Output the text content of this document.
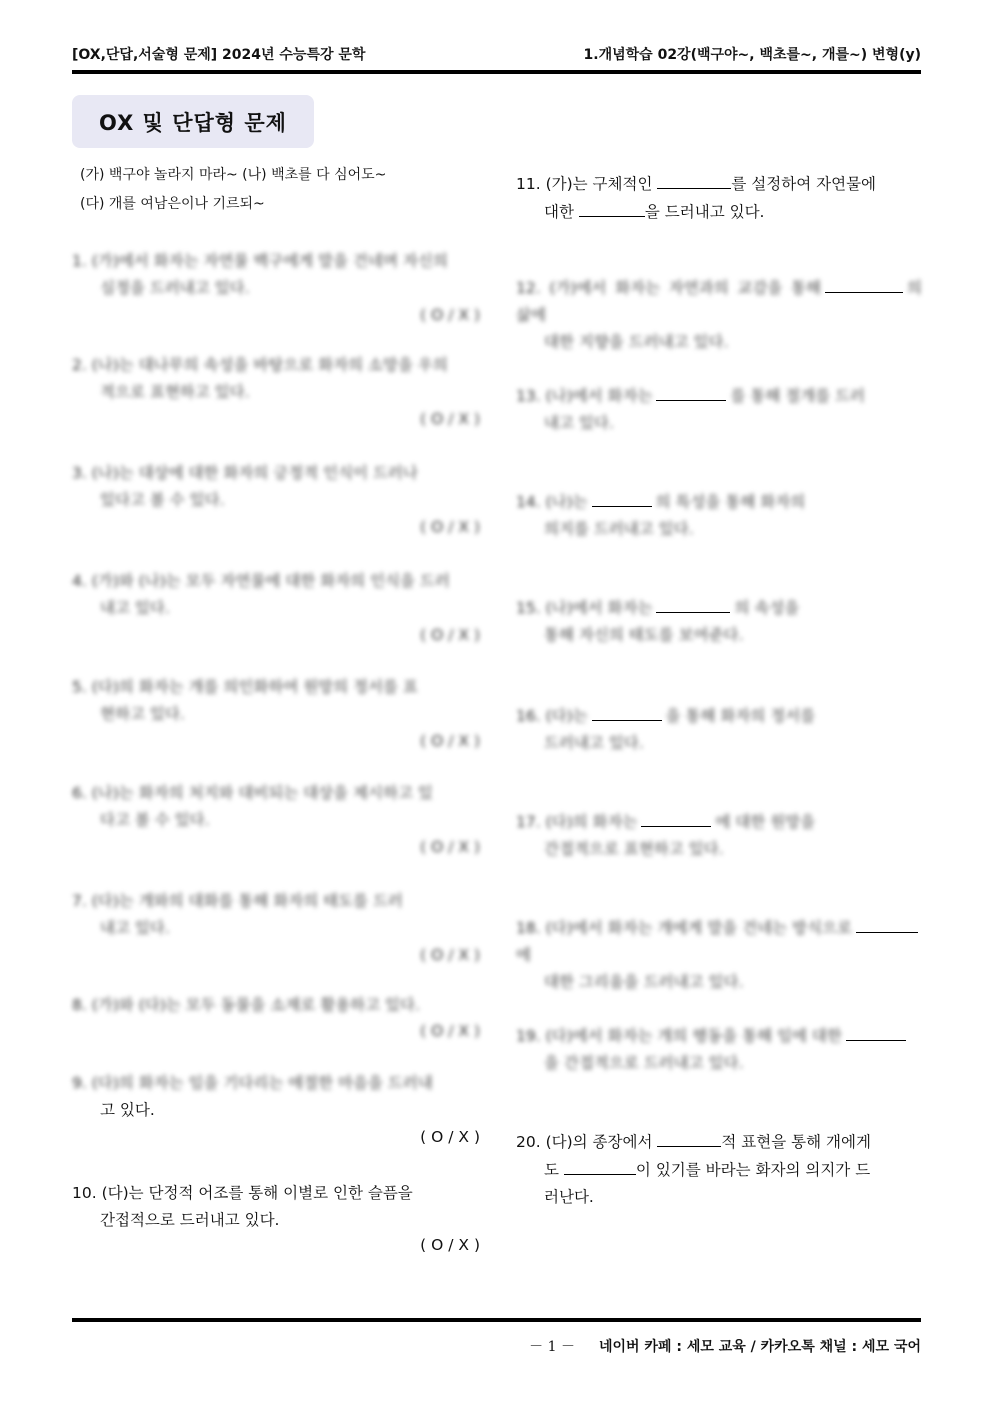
[OX,단답,서술형 문제] 2024년 수능특강 문학	1.개념학습 02강(백구야~, 백초를~, 개를~) 변형(y)
OX 및 단답형 문제
(가) 백구야 놀라지 마라~ (나) 백초를 다 심어도~
(다) 개를 여남은이나 기르되~
1. (가)에서 화자는 자연물 백구에게 말을 건네며 자신의
심정을 드러내고 있다.
( O / X )
2. (나)는 대나무의 속성을 바탕으로 화자의 소망을 우의
적으로 표현하고 있다.
( O / X )
3. (나)는 대상에 대한 화자의 긍정적 인식이 드러나
있다고 볼 수 있다.
( O / X )
4. (가)와 (나)는 모두 자연물에 대한 화자의 인식을 드러
내고 있다.
( O / X )
5. (다)의 화자는 개를 의인화하여 원망의 정서를 표
현하고 있다.
( O / X )
6. (나)는 화자의 처지와 대비되는 대상을 제시하고 있
다고 볼 수 있다.
( O / X )
7. (다)는 개와의 대화를 통해 화자의 태도를 드러
내고 있다.
( O / X )
8. (가)와 (다)는 모두 동물을 소재로 활용하고 있다.
( O / X )
9. (다)의 화자는 임을 기다리는 애절한 마음을 드러내
고 있다.
( O / X )
10. (다)는 단정적 어조를 통해 이별로 인한 슬픔을
간접적으로 드러내고 있다.
( O / X )
11. (가)는 구체적인	를 설정하여 자연물에
대한	을 드러내고 있다.
12. (가)에서 화자는 자연과의 교감을 통해	의 삶에
대한 지향을 드러내고 있다.
13. (나)에서 화자는	를 통해 절개를 드러
내고 있다.
14. (나)는	의 특성을 통해 화자의
의지를 드러내고 있다.
15. (나)에서 화자는	의 속성을
통해 자신의 태도를 보여준다.
16. (다)는	을 통해 화자의 정서를
드러내고 있다.
17. (다)의 화자는	에 대한 원망을
간접적으로 표현하고 있다.
18. (다)에서 화자는 개에게 말을 건네는 방식으로에
대한 그리움을 드러내고 있다.
19. (다)에서 화자는 개의 행동을 통해 임에 대한
을 간접적으로 드러내고 있다.
20. (다)의 종장에서	적 표현을 통해 개에게
도	이 있기를 바라는 화자의 의지가 드
러난다.
－ 1 － 네이버 카페 : 세모 교육 / 카카오톡 채널 : 세모 국어
